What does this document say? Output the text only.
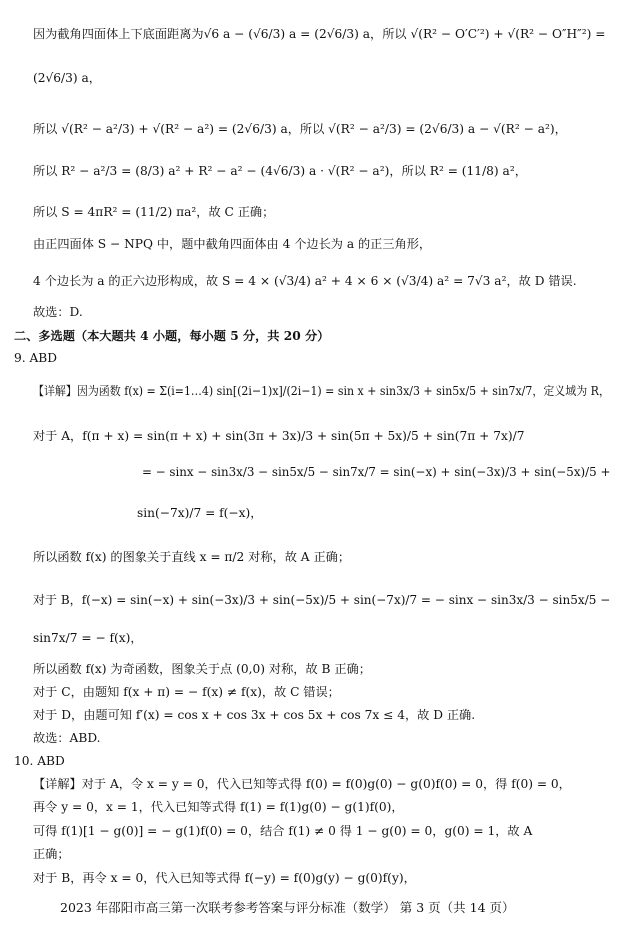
因为截角四面体上下底面距离为√6 a − (√6/3) a = (2√6/3) a，所以 √(R² − O′C′²) + √(R² − O″H″²) =
(2√6/3) a，
所以 √(R² − a²/3) + √(R² − a²) = (2√6/3) a，所以 √(R² − a²/3) = (2√6/3) a − √(R² − a²)，
所以 R² − a²/3 = (8/3) a² + R² − a² − (4√6/3) a · √(R² − a²)，所以 R² = (11/8) a²，
所以 S = 4πR² = (11/2) πa²，故 C 正确；
由正四面体 S − NPQ 中，题中截角四面体由 4 个边长为 a 的正三角形，
4 个边长为 a 的正六边形构成，故 S = 4 × (√3/4) a² + 4 × 6 × (√3/4) a² = 7√3 a²，故 D 错误.
故选：D.
二、多选题（本大题共 4 小题，每小题 5 分，共 20 分）
9. ABD
【详解】因为函数 f(x) = Σ(i=1…4) sin[(2i−1)x]/(2i−1) = sin x + sin3x/3 + sin5x/5 + sin7x/7，定义域为 R，
对于 A，f(π + x) = sin(π + x) + sin(3π + 3x)/3 + sin(5π + 5x)/5 + sin(7π + 7x)/7
= − sinx − sin3x/3 − sin5x/5 − sin7x/7 = sin(−x) + sin(−3x)/3 + sin(−5x)/5 +
sin(−7x)/7 = f(−x)，
所以函数 f(x) 的图象关于直线 x = π/2 对称，故 A 正确；
对于 B，f(−x) = sin(−x) + sin(−3x)/3 + sin(−5x)/5 + sin(−7x)/7 = − sinx − sin3x/3 − sin5x/5 −
sin7x/7 = − f(x)，
所以函数 f(x) 为奇函数，图象关于点 (0,0) 对称，故 B 正确；
对于 C，由题知 f(x + π) = − f(x) ≠ f(x)，故 C 错误；
对于 D，由题可知 f′(x) = cos x + cos 3x + cos 5x + cos 7x ≤ 4，故 D 正确.
故选：ABD.
10. ABD
【详解】对于 A，令 x = y = 0，代入已知等式得 f(0) = f(0)g(0) − g(0)f(0) = 0，得 f(0) = 0，
再令 y = 0，x = 1，代入已知等式得 f(1) = f(1)g(0) − g(1)f(0)，
可得 f(1)[1 − g(0)] = − g(1)f(0) = 0，结合 f(1) ≠ 0 得 1 − g(0) = 0，g(0) = 1，故 A
正确；
对于 B，再令 x = 0，代入已知等式得 f(−y) = f(0)g(y) − g(0)f(y)，
2023 年邵阳市高三第一次联考参考答案与评分标准（数学） 第 3 页（共 14 页）
